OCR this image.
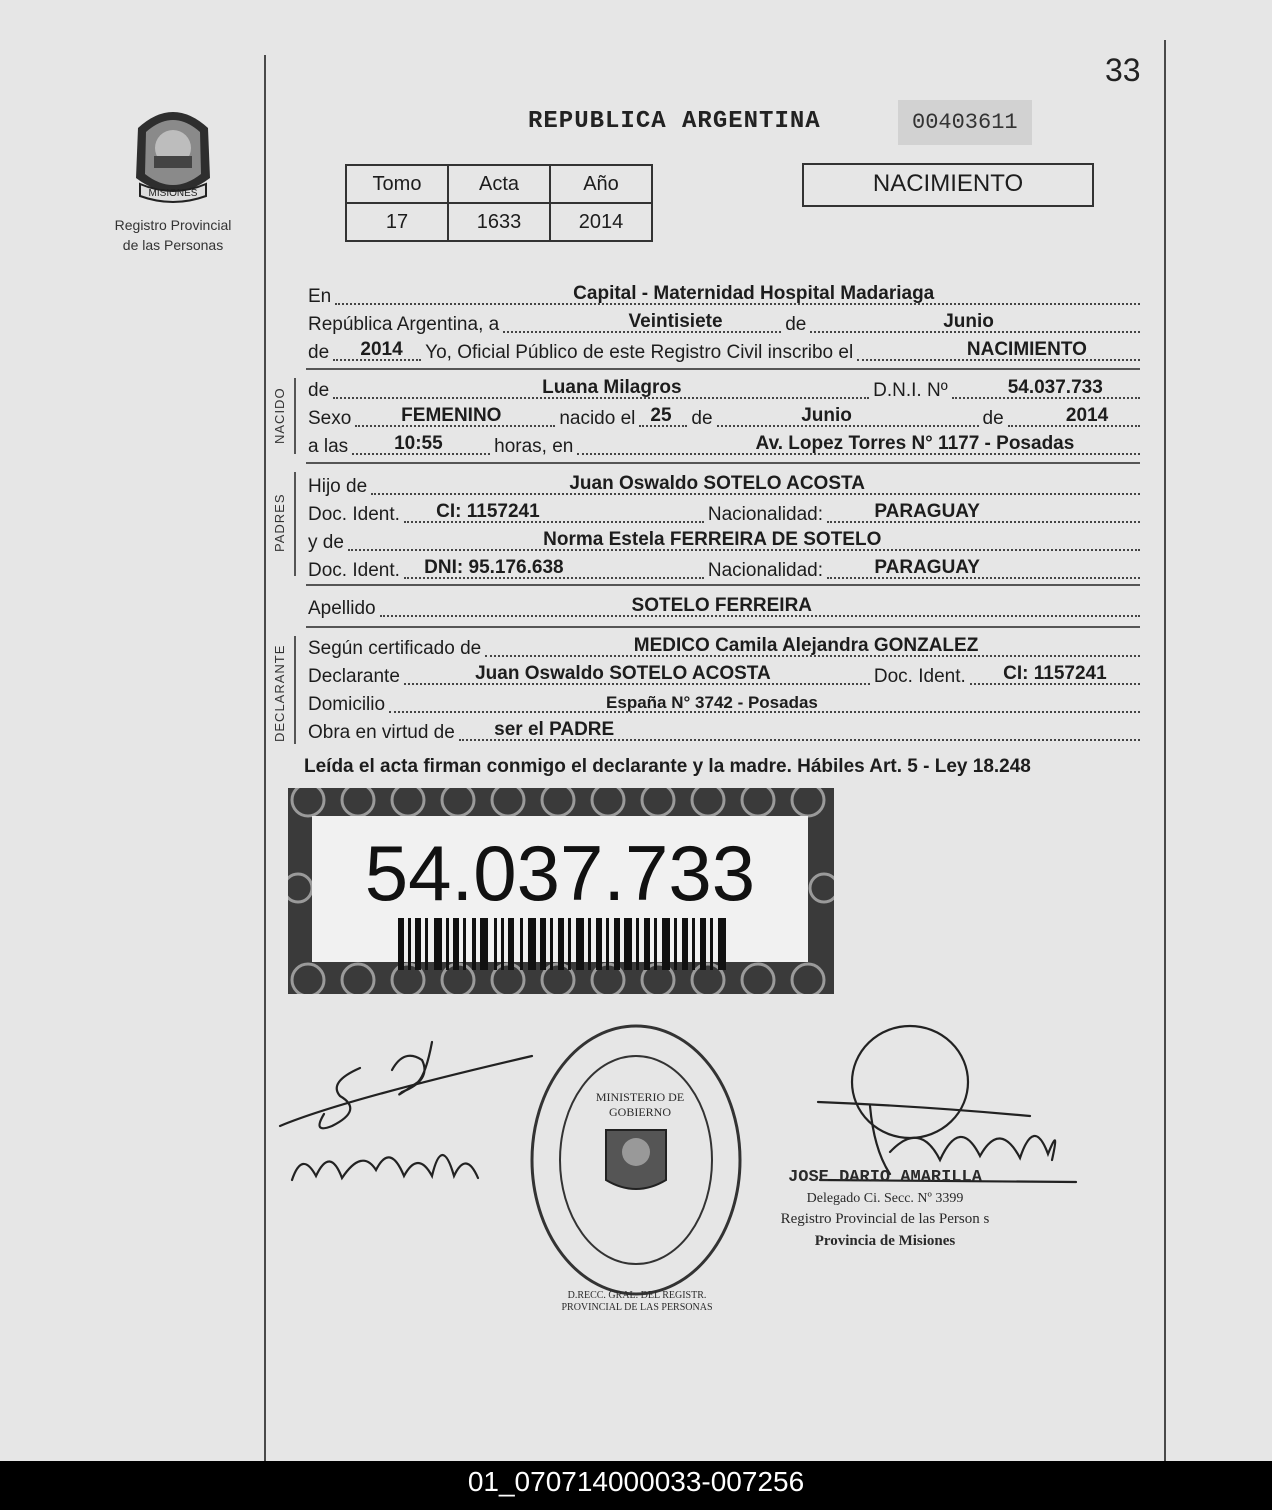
33
MISIONES
Registro Provincial
de las Personas
REPUBLICA ARGENTINA	00403611
Tomo	Acta	Año
17	1633	2014
NACIMIENTO
En	Capital - Maternidad Hospital Madariaga
República Argentina, a	Veintisiete	de	Junio
de 2014 Yo, Oficial Público de este Registro Civil inscribo el	NACIMIENTO
NACIDO de	Luana Milagros	D.N.I. Nº	54.037.733
Sexo	FEMENINO	nacido el 25 de	Junio	de	2014
a las 10:55	horas, en	Av. Lopez Torres N° 1177 - Posadas
PADRES
Hijo de	Juan Oswaldo SOTELO ACOSTA
Doc. Ident. CI: 1157241	Nacionalidad:	PARAGUAY
y de	Norma Estela FERREIRA DE SOTELO
Doc. Ident. DNI: 95.176.638	Nacionalidad:	PARAGUAY
Apellido	SOTELO FERREIRA
DECLARANTE Según certificado de	MEDICO Camila Alejandra GONZALEZ
Declarante	Juan Oswaldo SOTELO ACOSTA	Doc. Ident. CI: 1157241
Domicilio	España N° 3742 - Posadas
Obra en virtud de ser el PADRE
Leída el acta firman conmigo el declarante y la madre. Hábiles Art. 5 - Ley 18.248
54.037.733
D.RECC. GRAL. DEL REGISTR. PROVINCIAL DE LAS PERSONAS
MINISTERIO DE GOBIERNO
JOSE DARIO AMARILLA
Delegado Ci. Secc. Nº 3399
Registro Provincial de las Person s
Provincia de Misiones
01_070714000033-007256
